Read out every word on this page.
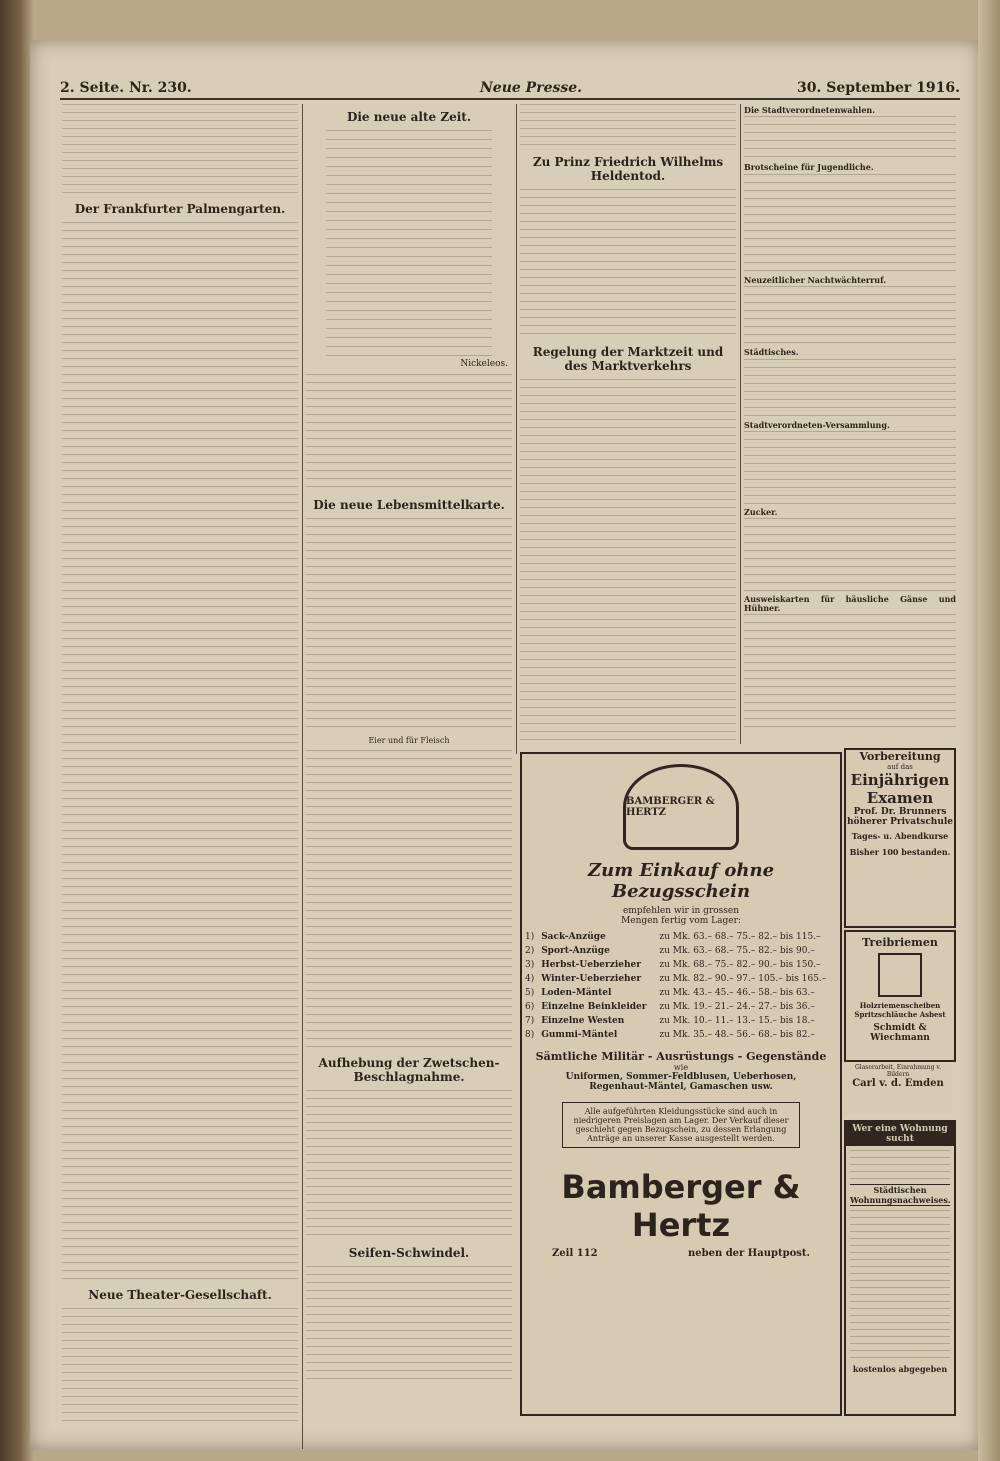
2. Seite. Nr. 230.	Neue Presse.	30. September 1916.
Der Frankfurter Palmengarten.
Neue Theater-Gesellschaft.
Die neue alte Zeit.
Nickeleos.
Die neue Lebensmittelkarte.
Eier und für Fleisch
Aufhebung der Zwetschen-Beschlagnahme.
Seifen-Schwindel.
Zu Prinz Friedrich Wilhelms Heldentod.
Regelung der Marktzeit und des Marktverkehrs
Die Stadtverordnetenwahlen.
Brotscheine für Jugendliche.
Neuzeitlicher Nachtwächterruf.
Städtisches.
Stadtverordneten-Versammlung.
Zucker.
Ausweiskarten für häusliche Gänse und Hühner.
BAMBERGER & HERTZ
Zum Einkauf ohne Bezugsschein
empfehlen wir in grossen
Mengen fertig vom Lager:
1)	Sack-Anzüge	zu Mk. 63.– 68.– 75.– 82.– bis 115.–
2)	Sport-Anzüge	zu Mk. 63.– 68.– 75.– 82.– bis 90.–
3)	Herbst-Ueberzieher	zu Mk. 68.– 75.– 82.– 90.– bis 150.–
4)	Winter-Ueberzieher	zu Mk. 82.– 90.– 97.– 105.– bis 165.–
5)	Loden-Mäntel	zu Mk. 43.– 45.– 46.– 58.– bis 63.–
6)	Einzelne Beinkleider	zu Mk. 19.– 21.– 24.– 27.– bis 36.–
7)	Einzelne Westen	zu Mk. 10.– 11.– 13.– 15.– bis 18.–
8)	Gummi-Mäntel	zu Mk. 35.– 48.– 56.– 68.– bis 82.–
Sämtliche Militär - Ausrüstungs - Gegenstände
wie
Uniformen, Sommer-Feldblusen, Ueberhosen, Regenhaut-Mäntel, Gamaschen usw.
Alle aufgeführten Kleidungsstücke sind auch in niedrigeren Preislagen am Lager. Der Verkauf dieser geschieht gegen Bezugschein, zu dessen Erlangung Anträge an unserer Kasse ausgestellt werden.
Bamberger & Hertz
Zeil 112	neben der Hauptpost.
Vorbereitung
auf das
Einjährigen
Examen
Prof. Dr. Brunners
höherer Privatschule
Tages- u. Abendkurse
Bisher 100 bestanden.
Treibriemen
Holzriemenscheiben Spritzschläuche Asbest
Schmidt & Wiechmann
Glaserarbeit, Einrahmung v. Bildern
Carl v. d. Emden
Wer eine Wohnung sucht
Städtischen Wohnungsnachweises.
kostenlos abgegeben
